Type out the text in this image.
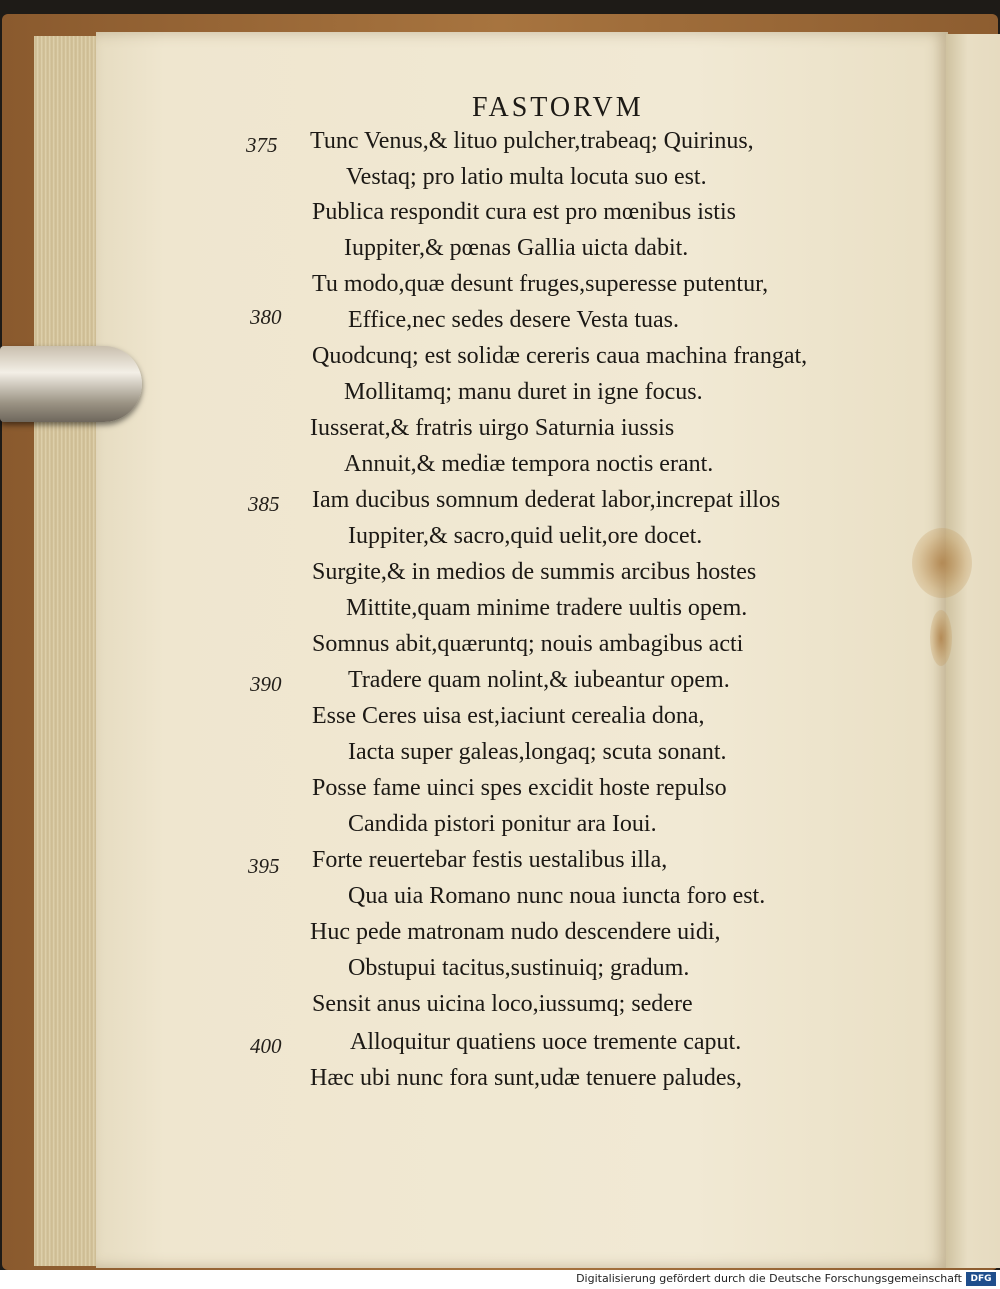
FASTORVM
375
380
385
390
395
400
Tunc Venus,& lituo pulcher,trabeaq; Quirinus,
Vestaq; pro latio multa locuta suo est.
Publica respondit cura est pro mœnibus istis
Iuppiter,& pœnas Gallia uicta dabit.
Tu modo,quæ desunt fruges,superesse putentur,
Effice,nec sedes desere Vesta tuas.
Quodcunq; est solidæ cereris caua machina frangat,
Mollitamq; manu duret in igne focus.
Iusserat,& fratris uirgo Saturnia iussis
Annuit,& mediæ tempora noctis erant.
Iam ducibus somnum dederat labor,increpat illos
Iuppiter,& sacro,quid uelit,ore docet.
Surgite,& in medios de summis arcibus hostes
Mittite,quam minime tradere uultis opem.
Somnus abit,quæruntq; nouis ambagibus acti
Tradere quam nolint,& iubeantur opem.
Esse Ceres uisa est,iaciunt cerealia dona,
Iacta super galeas,longaq; scuta sonant.
Posse fame uinci spes excidit hoste repulso
Candida pistori ponitur ara Ioui.
Forte reuertebar festis uestalibus illa,
Qua uia Romano nunc noua iuncta foro est.
Huc pede matronam nudo descendere uidi,
Obstupui tacitus,sustinuiq; gradum.
Sensit anus uicina loco,iussumq; sedere
Alloquitur quatiens uoce tremente caput.
Hæc ubi nunc fora sunt,udæ tenuere paludes,
Digitalisierung gefördert durch die Deutsche Forschungsgemeinschaft DFG
